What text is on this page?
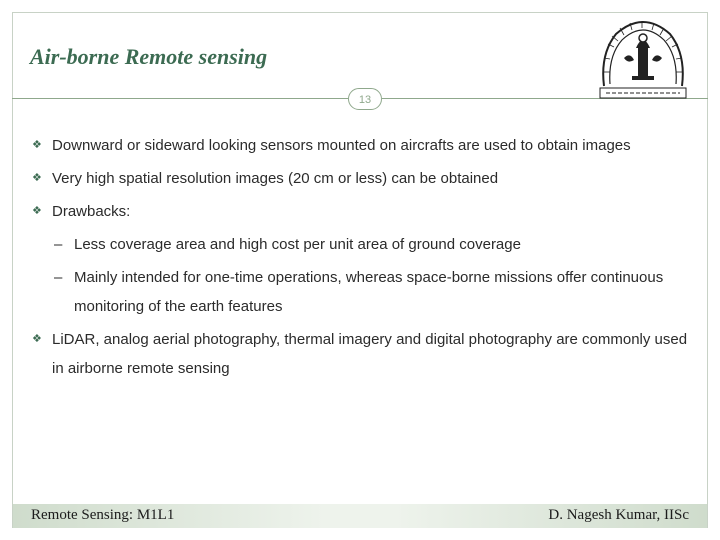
Air-borne Remote sensing
13
❖ Downward or sideward looking sensors mounted on aircrafts are used to obtain images
❖ Very high spatial resolution images (20 cm or less) can be obtained
❖ Drawbacks:
– Less coverage area and high cost per unit area of ground coverage
– Mainly intended for one-time operations, whereas space-borne missions offer continuous monitoring of the earth features
❖ LiDAR, analog aerial photography, thermal imagery and digital photography are commonly used in airborne remote sensing
Remote Sensing: M1L1	D. Nagesh Kumar, IISc
